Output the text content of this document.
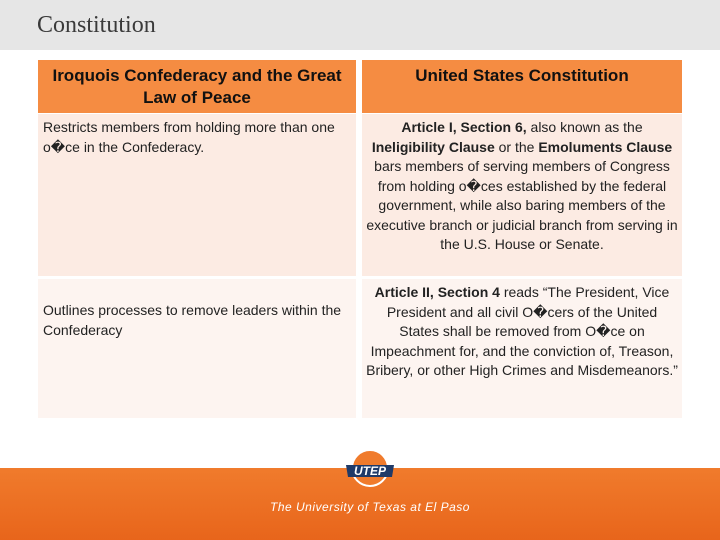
Constitution
Iroquois Confederacy and the Great Law of Peace
United States Constitution
Restricts members from holding more than one o�ce in the Confederacy.
Article I, Section 6, also known as the Ineligibility Clause or the Emoluments Clause bars members of serving members of Congress from holding o�ces established by the federal government, while also baring members of the executive branch or judicial branch from serving in the U.S. House or Senate.
Outlines processes to remove leaders within the Confederacy
Article II, Section 4 reads “The President, Vice President and all civil O�cers of the United States shall be removed from O�ce on Impeachment for, and the conviction of, Treason, Bribery, or other High Crimes and Misdemeanors.”
UTEP
The University of Texas at El Paso
